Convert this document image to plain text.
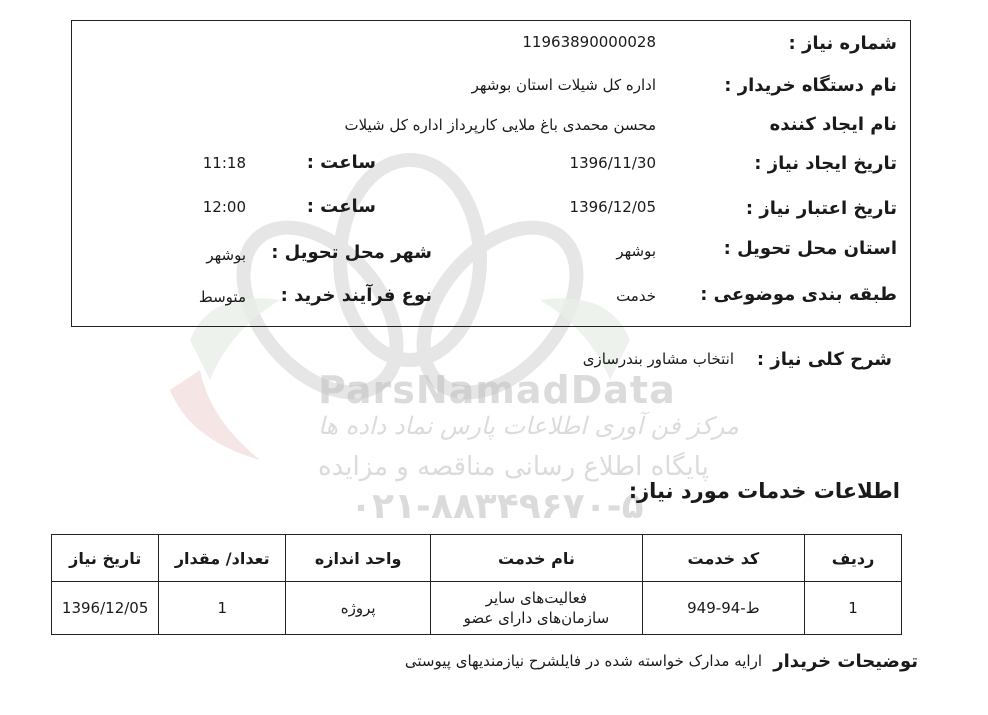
ParsNamadData
مرکز فن آوری اطلاعات پارس نماد داده ها
پایگاه اطلاع رسانی مناقصه و مزایده
۰۲۱-۸۸۳۴۹۶۷۰-۵
شماره نیاز :
11963890000028
نام دستگاه خریدار :
اداره کل شیلات استان بوشهر
نام ایجاد کننده
محسن محمدی باغ ملایی کارپرداز اداره کل شیلات
تاریخ ایجاد نیاز :
1396/11/30
ساعت :
11:18
تاریخ اعتبار نیاز :
1396/12/05
ساعت :
12:00
استان محل تحویل :
بوشهر
شهر محل تحویل :
بوشهر
طبقه بندی موضوعی :
خدمت
نوع فرآیند خرید :
متوسط
شرح کلی نیاز :
انتخاب مشاور بندرسازی
اطلاعات خدمات مورد نیاز:
ردیف	کد خدمت	نام خدمت	واحد اندازه	تعداد/ مقدار	تاریخ نیاز
1	ط-94-949	فعالیت‌های سایر
سازمان‌های دارای عضو	پروژه	1	1396/12/05
توضیحات خریدار
ارایه مدارک خواسته شده در فایلشرح نیازمندیهای پیوستی
